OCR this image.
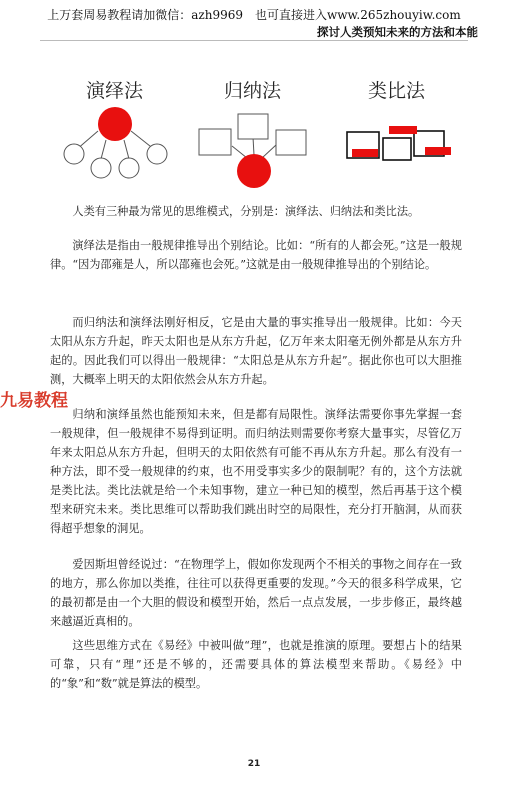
上万套周易教程请加微信：azh9969　也可直接进入www.265zhouyiw.com
探讨人类预知未来的方法和本能
演绎法	归纳法	类比法

人类有三种最为常见的思维模式，分别是：演绎法、归纳法和类比法。

演绎法是指由一般规律推导出个别结论。比如：“所有的人都会死。”这是一般规律。“因为邵雍是人，所以邵雍也会死。”这就是由一般规律推导出的个别结论。

而归纳法和演绎法刚好相反，它是由大量的事实推导出一般规律。比如：今天太阳从东方升起，昨天太阳也是从东方升起，亿万年来太阳毫无例外都是从东方升起的。因此我们可以得出一般规律：“太阳总是从东方升起”。据此你也可以大胆推测，大概率上明天的太阳依然会从东方升起。

九易教程

归纳和演绎虽然也能预知未来，但是都有局限性。演绎法需要你事先掌握一套一般规律，但一般规律不易得到证明。而归纳法则需要你考察大量事实，尽管亿万年来太阳总从东方升起，但明天的太阳依然有可能不再从东方升起。那么有没有一种方法，即不受一般规律的约束，也不用受事实多少的限制呢？有的，这个方法就是类比法。类比法就是给一个未知事物，建立一种已知的模型，然后再基于这个模型来研究未来。类比思维可以帮助我们跳出时空的局限性，充分打开脑洞，从而获得超乎想象的洞见。

爱因斯坦曾经说过：“在物理学上，假如你发现两个不相关的事物之间存在一致的地方，那么你加以类推，往往可以获得更重要的发现。”今天的很多科学成果，它的最初都是由一个大胆的假设和模型开始，然后一点点发展，一步步修正，最终越来越逼近真相的。

这些思维方式在《易经》中被叫做“理”，也就是推演的原理。要想占卜的结果可靠，只有“理”还是不够的，还需要具体的算法模型来帮助。《易经》中的“象”和“数”就是算法的模型。

21
